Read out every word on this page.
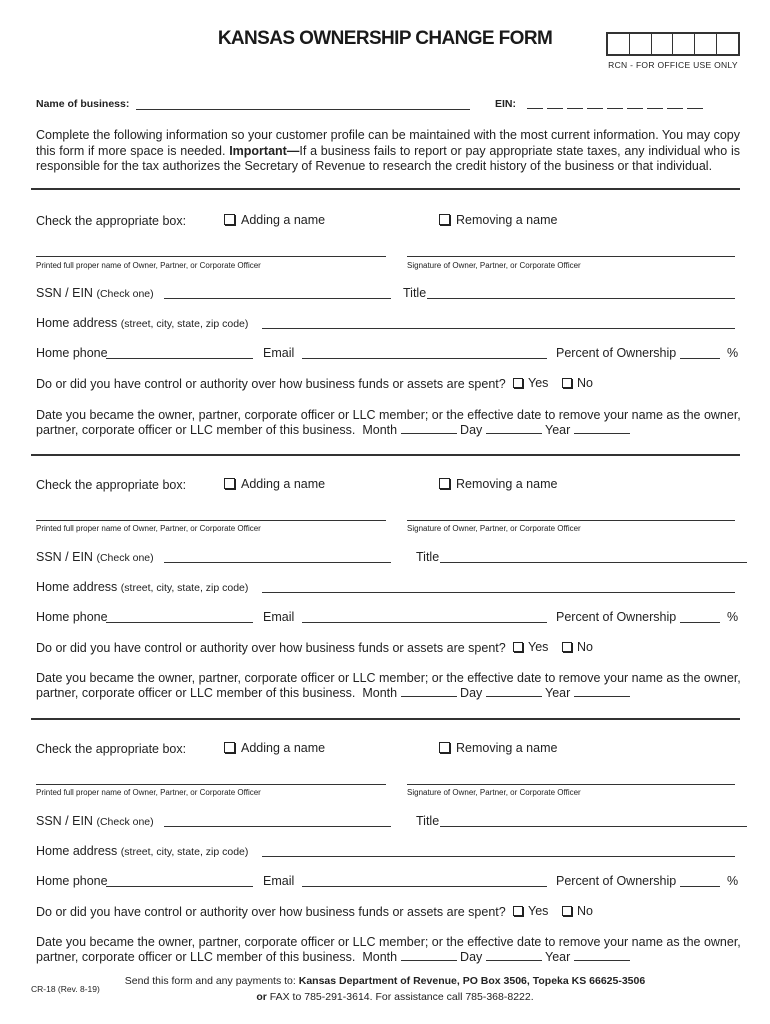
KANSAS OWNERSHIP CHANGE FORM
RCN - FOR OFFICE USE ONLY
Name of business:	EIN:
Complete the following information so your customer profile can be maintained with the most current information. You may copy this form if more space is needed. Important—If a business fails to report or pay appropriate state taxes, any individual who is responsible for the tax authorizes the Secretary of Revenue to research the credit history of the business or that individual.
Check the appropriate box:	Adding a name	Removing a name
Printed full proper name of Owner, Partner, or Corporate Officer	Signature of Owner, Partner, or Corporate Officer
SSN / EIN (Check one)	Title
Home address (street, city, state, zip code)
Home phone	Email	Percent of Ownership	%
Do or did you have control or authority over how business funds or assets are spent?	Yes	No
Date you became the owner, partner, corporate officer or LLC member; or the effective date to remove your name as the owner,
partner, corporate officer or LLC member of this business. Month	Day	Year
Check the appropriate box:	Adding a name	Removing a name
Printed full proper name of Owner, Partner, or Corporate Officer	Signature of Owner, Partner, or Corporate Officer
SSN / EIN (Check one)	Title
Home address (street, city, state, zip code)
Home phone	Email	Percent of Ownership	%
Do or did you have control or authority over how business funds or assets are spent?	Yes	No
Date you became the owner, partner, corporate officer or LLC member; or the effective date to remove your name as the owner,
partner, corporate officer or LLC member of this business. Month	Day	Year
Check the appropriate box:	Adding a name	Removing a name
Printed full proper name of Owner, Partner, or Corporate Officer	Signature of Owner, Partner, or Corporate Officer
SSN / EIN (Check one)	Title
Home address (street, city, state, zip code)
Home phone	Email	Percent of Ownership	%
Do or did you have control or authority over how business funds or assets are spent?	Yes	No
Date you became the owner, partner, corporate officer or LLC member; or the effective date to remove your name as the owner,
partner, corporate officer or LLC member of this business. Month	Day	Year
CR-18 (Rev. 8-19)
Send this form and any payments to: Kansas Department of Revenue, PO Box 3506, Topeka KS 66625-3506
or FAX to 785-291-3614. For assistance call 785-368-8222.
